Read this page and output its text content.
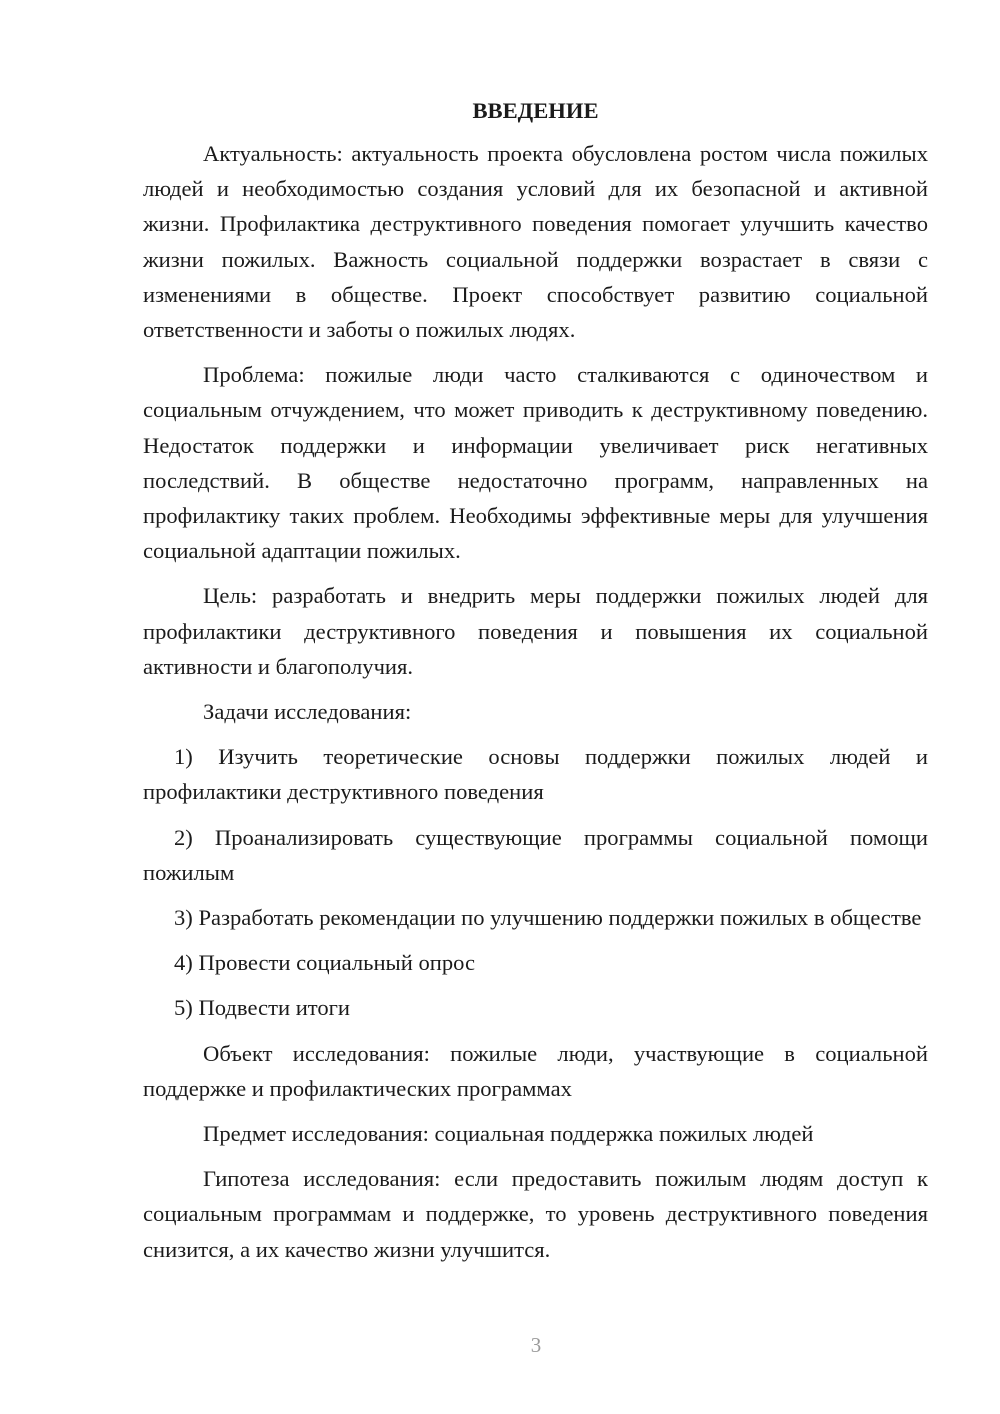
ВВЕДЕНИЕ

Актуальность: актуальность проекта обусловлена ростом числа пожилых людей и необходимостью создания условий для их безопасной и активной жизни. Профилактика деструктивного поведения помогает улучшить качество жизни пожилых. Важность социальной поддержки возрастает в связи с изменениями в обществе. Проект способствует развитию социальной ответственности и заботы о пожилых людях.

Проблема: пожилые люди часто сталкиваются с одиночеством и социальным отчуждением, что может приводить к деструктивному поведению. Недостаток поддержки и информации увеличивает риск негативных последствий. В обществе недостаточно программ, направленных на профилактику таких проблем. Необходимы эффективные меры для улучшения социальной адаптации пожилых.

Цель: разработать и внедрить меры поддержки пожилых людей для профилактики деструктивного поведения и повышения их социальной активности и благополучия.

Задачи исследования:

1) Изучить теоретические основы поддержки пожилых людей и профилактики деструктивного поведения

2) Проанализировать существующие программы социальной помощи пожилым

3) Разработать рекомендации по улучшению поддержки пожилых в обществе

4) Провести социальный опрос

5) Подвести итоги

Объект исследования: пожилые люди, участвующие в социальной поддержке и профилактических программах

Предмет исследования: социальная поддержка пожилых людей

Гипотеза исследования: если предоставить пожилым людям доступ к социальным программам и поддержке, то уровень деструктивного поведения снизится, а их качество жизни улучшится.

3
